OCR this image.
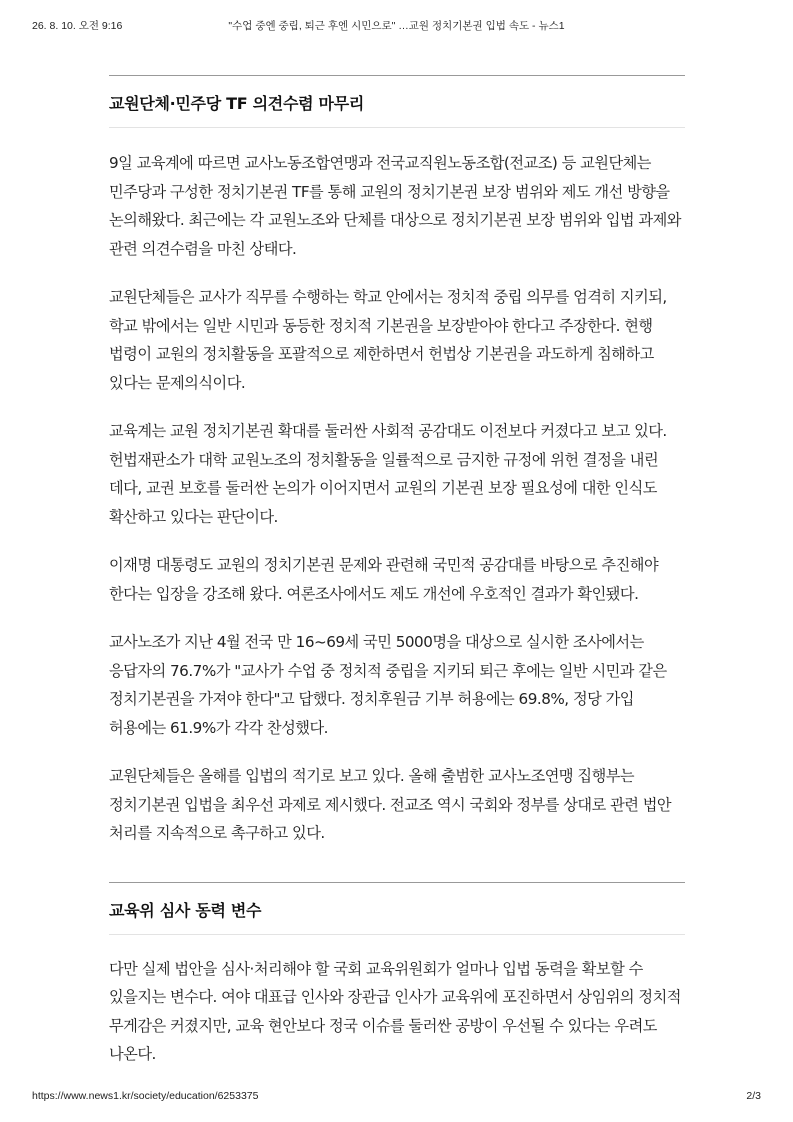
26. 8. 10. 오전 9:16	"수업 중엔 중립, 퇴근 후엔 시민으로" …교원 정치기본권 입법 속도 - 뉴스1
교원단체·민주당 TF 의견수렴 마무리

9일 교육계에 따르면 교사노동조합연맹과 전국교직원노동조합(전교조) 등 교원단체는 민주당과 구성한 정치기본권 TF를 통해 교원의 정치기본권 보장 범위와 제도 개선 방향을 논의해왔다. 최근에는 각 교원노조와 단체를 대상으로 정치기본권 보장 범위와 입법 과제와 관련 의견수렴을 마친 상태다.

교원단체들은 교사가 직무를 수행하는 학교 안에서는 정치적 중립 의무를 엄격히 지키되, 학교 밖에서는 일반 시민과 동등한 정치적 기본권을 보장받아야 한다고 주장한다. 현행 법령이 교원의 정치활동을 포괄적으로 제한하면서 헌법상 기본권을 과도하게 침해하고 있다는 문제의식이다.

교육계는 교원 정치기본권 확대를 둘러싼 사회적 공감대도 이전보다 커졌다고 보고 있다. 헌법재판소가 대학 교원노조의 정치활동을 일률적으로 금지한 규정에 위헌 결정을 내린 데다, 교권 보호를 둘러싼 논의가 이어지면서 교원의 기본권 보장 필요성에 대한 인식도 확산하고 있다는 판단이다.

이재명 대통령도 교원의 정치기본권 문제와 관련해 국민적 공감대를 바탕으로 추진해야 한다는 입장을 강조해 왔다. 여론조사에서도 제도 개선에 우호적인 결과가 확인됐다.

교사노조가 지난 4월 전국 만 16~69세 국민 5000명을 대상으로 실시한 조사에서는 응답자의 76.7%가 "교사가 수업 중 정치적 중립을 지키되 퇴근 후에는 일반 시민과 같은 정치기본권을 가져야 한다"고 답했다. 정치후원금 기부 허용에는 69.8%, 정당 가입 허용에는 61.9%가 각각 찬성했다.

교원단체들은 올해를 입법의 적기로 보고 있다. 올해 출범한 교사노조연맹 집행부는 정치기본권 입법을 최우선 과제로 제시했다. 전교조 역시 국회와 정부를 상대로 관련 법안 처리를 지속적으로 촉구하고 있다.

교육위 심사 동력 변수

다만 실제 법안을 심사·처리해야 할 국회 교육위원회가 얼마나 입법 동력을 확보할 수 있을지는 변수다. 여야 대표급 인사와 장관급 인사가 교육위에 포진하면서 상임위의 정치적 무게감은 커졌지만, 교육 현안보다 정국 이슈를 둘러싼 공방이 우선될 수 있다는 우려도 나온다.

https://www.news1.kr/society/education/6253375	2/3
